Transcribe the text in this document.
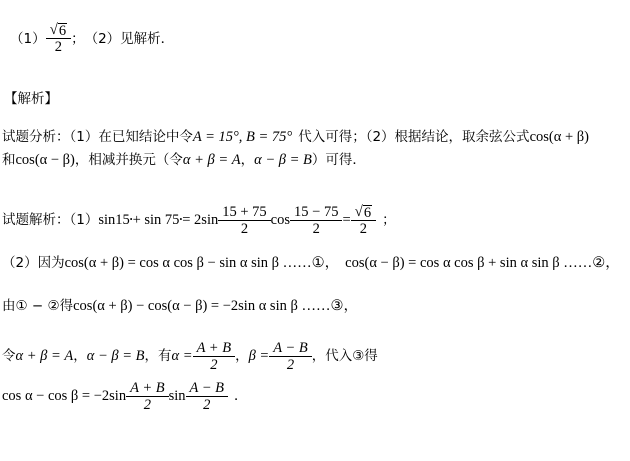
$(1) \frac{√ 6}{2}$ ； （2）见解析．
【解析】
试题分析：（1）在已知结论中令 A = 15°, B = 75° 代入可得；（2）根据结论，取余弦公式 cos(α + β)
和 cos(α − β) ，相减并换元（令 α + β = A ， α − β = B ）可得．
试题解析：（1） sin15 • + sin 75 • = $2\sin \frac{15 + 75}{2}$ $\cos \frac{15 - 75}{2} = \frac{√ 6}{2}$ ；
（2）因为 cos(α + β) = cos α cos β − sin α sin β ……①， cos(α − β) = cos α cos β + sin α sin β ……②，
由① − ②得 cos(α + β) − cos(α − β) = −2sin α sin β ……③，
令 α + β = A ， α − β = B ，有 $\alpha = \frac{A + B}{2}$ ， $\beta = \frac{A - B}{2}$ ，代入③得
$\cos \alpha - \cos \beta = -2\sin \frac{A + B}{2}$ $\sin \frac{A - B}{2}$ ．
